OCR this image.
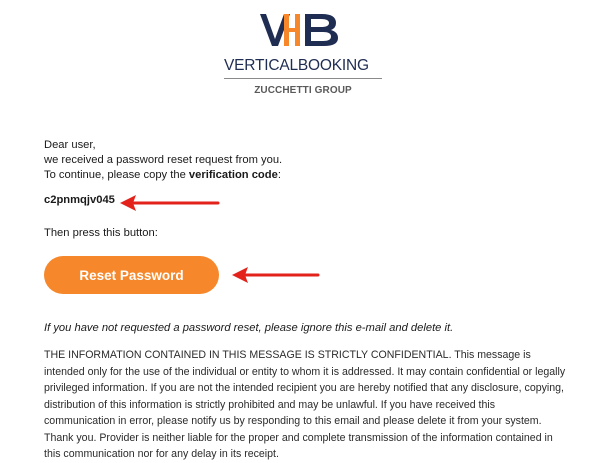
VERTICALBOOKING
ZUCCHETTI GROUP
Dear user,
we received a password reset request from you.
To continue, please copy the verification code:
c2pnmqjv045
Then press this button:
Reset Password
If you have not requested a password reset, please ignore this e-mail and delete it.
THE INFORMATION CONTAINED IN THIS MESSAGE IS STRICTLY CONFIDENTIAL. This message is
intended only for the use of the individual or entity to whom it is addressed. It may contain confidential or legally
privileged information. If you are not the intended recipient you are hereby notified that any disclosure, copying,
distribution of this information is strictly prohibited and may be unlawful. If you have received this
communication in error, please notify us by responding to this email and please delete it from your system.
Thank you. Provider is neither liable for the proper and complete transmission of the information contained in
this communication nor for any delay in its receipt.
